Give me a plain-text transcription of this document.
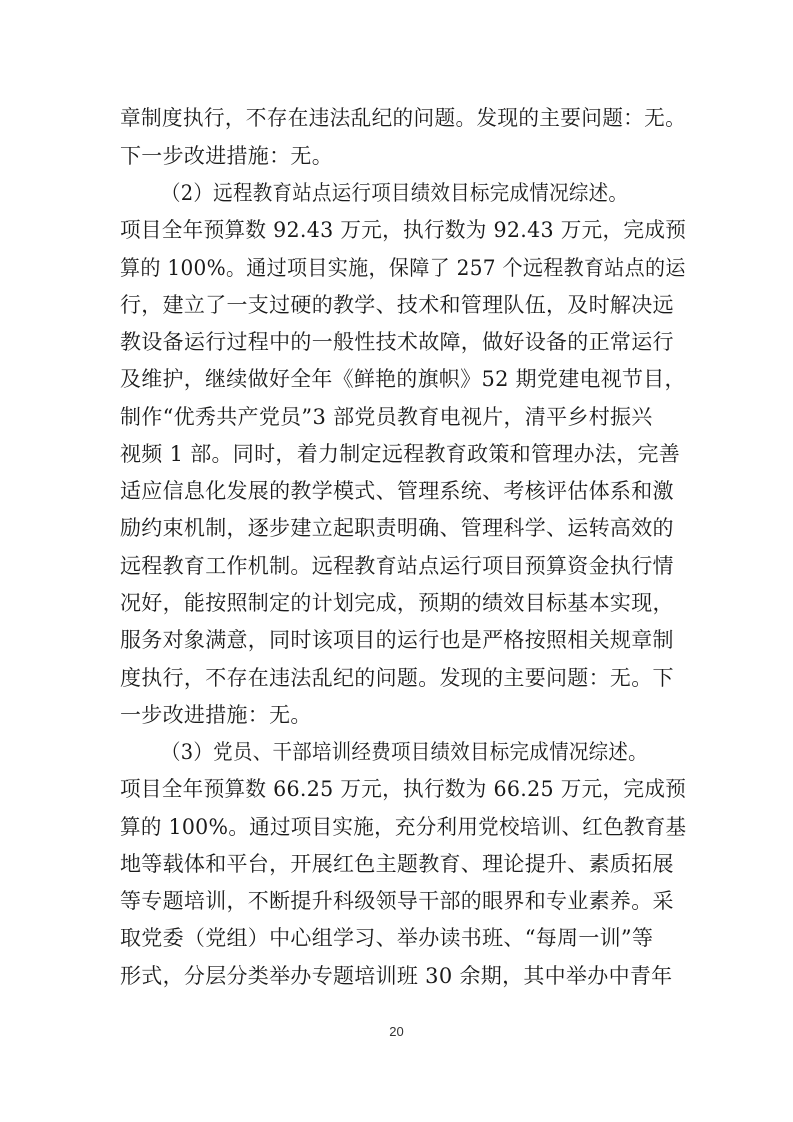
章制度执行，不存在违法乱纪的问题。发现的主要问题：无。
下一步改进措施：无。
（2）远程教育站点运行项目绩效目标完成情况综述。
项目全年预算数 92.43 万元，执行数为 92.43 万元，完成预
算的 100%。通过项目实施，保障了 257 个远程教育站点的运
行，建立了一支过硬的教学、技术和管理队伍，及时解决远
教设备运行过程中的一般性技术故障，做好设备的正常运行
及维护，继续做好全年《鲜艳的旗帜》52 期党建电视节目，
制作“优秀共产党员”3 部党员教育电视片，清平乡村振兴
视频 1 部。同时，着力制定远程教育政策和管理办法，完善
适应信息化发展的教学模式、管理系统、考核评估体系和激
励约束机制，逐步建立起职责明确、管理科学、运转高效的
远程教育工作机制。远程教育站点运行项目预算资金执行情
况好，能按照制定的计划完成，预期的绩效目标基本实现，
服务对象满意，同时该项目的运行也是严格按照相关规章制
度执行，不存在违法乱纪的问题。发现的主要问题：无。下
一步改进措施：无。
（3）党员、干部培训经费项目绩效目标完成情况综述。
项目全年预算数 66.25 万元，执行数为 66.25 万元，完成预
算的 100%。通过项目实施，充分利用党校培训、红色教育基
地等载体和平台，开展红色主题教育、理论提升、素质拓展
等专题培训，不断提升科级领导干部的眼界和专业素养。采
取党委（党组）中心组学习、举办读书班、“每周一训”等
形式，分层分类举办专题培训班 30 余期，其中举办中青年
20
